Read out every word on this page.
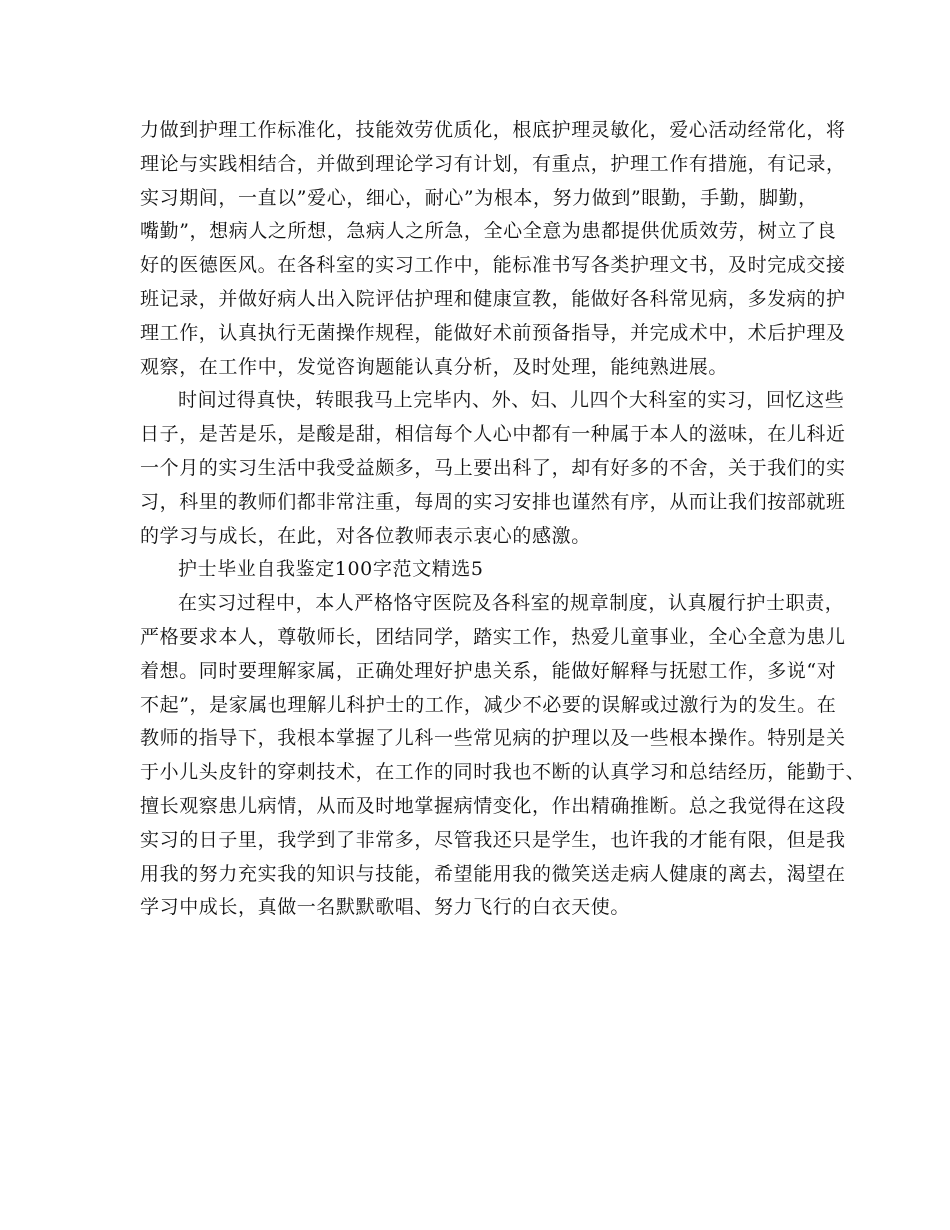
力做到护理工作标准化，技能效劳优质化，根底护理灵敏化，爱心活动经常化，将
理论与实践相结合，并做到理论学习有计划，有重点，护理工作有措施，有记录，
实习期间，一直以”爱心，细心，耐心”为根本，努力做到”眼勤，手勤，脚勤，
嘴勤”，想病人之所想，急病人之所急，全心全意为患都提供优质效劳，树立了良
好的医德医风。在各科室的实习工作中，能标准书写各类护理文书，及时完成交接
班记录，并做好病人出入院评估护理和健康宣教，能做好各科常见病，多发病的护
理工作，认真执行无菌操作规程，能做好术前预备指导，并完成术中，术后护理及
观察，在工作中，发觉咨询题能认真分析，及时处理，能纯熟进展。
时间过得真快，转眼我马上完毕内、外、妇、儿四个大科室的实习，回忆这些
日子，是苦是乐，是酸是甜，相信每个人心中都有一种属于本人的滋味，在儿科近
一个月的实习生活中我受益颇多，马上要出科了，却有好多的不舍，关于我们的实
习，科里的教师们都非常注重，每周的实习安排也谨然有序，从而让我们按部就班
的学习与成长，在此，对各位教师表示衷心的感激。
护士毕业自我鉴定100字范文精选5
在实习过程中，本人严格恪守医院及各科室的规章制度，认真履行护士职责，
严格要求本人，尊敬师长，团结同学，踏实工作，热爱儿童事业，全心全意为患儿
着想。同时要理解家属，正确处理好护患关系，能做好解释与抚慰工作，多说“对
不起”，是家属也理解儿科护士的工作，减少不必要的误解或过激行为的发生。在
教师的指导下，我根本掌握了儿科一些常见病的护理以及一些根本操作。特别是关
于小儿头皮针的穿刺技术，在工作的同时我也不断的认真学习和总结经历，能勤于、
擅长观察患儿病情，从而及时地掌握病情变化，作出精确推断。总之我觉得在这段
实习的日子里，我学到了非常多，尽管我还只是学生，也许我的才能有限，但是我
用我的努力充实我的知识与技能，希望能用我的微笑送走病人健康的离去，渴望在
学习中成长，真做一名默默歌唱、努力飞行的白衣天使。
